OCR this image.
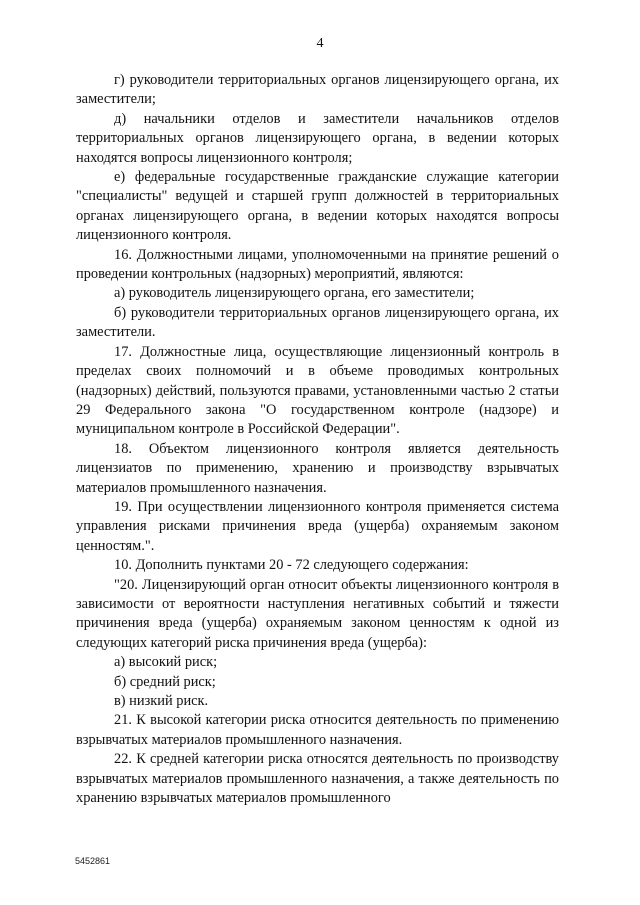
4

г) руководители территориальных органов лицензирующего органа, их заместители;

д) начальники отделов и заместители начальников отделов территориальных органов лицензирующего органа, в ведении которых находятся вопросы лицензионного контроля;

е) федеральные государственные гражданские служащие категории "специалисты" ведущей и старшей групп должностей в территориальных органах лицензирующего органа, в ведении которых находятся вопросы лицензионного контроля.

16. Должностными лицами, уполномоченными на принятие решений о проведении контрольных (надзорных) мероприятий, являются:

а) руководитель лицензирующего органа, его заместители;

б) руководители территориальных органов лицензирующего органа, их заместители.

17. Должностные лица, осуществляющие лицензионный контроль в пределах своих полномочий и в объеме проводимых контрольных (надзорных) действий, пользуются правами, установленными частью 2 статьи 29 Федерального закона "О государственном контроле (надзоре) и муниципальном контроле в Российской Федерации".

18. Объектом лицензионного контроля является деятельность лицензиатов по применению, хранению и производству взрывчатых материалов промышленного назначения.

19. При осуществлении лицензионного контроля применяется система управления рисками причинения вреда (ущерба) охраняемым законом ценностям.".

10. Дополнить пунктами 20 - 72 следующего содержания:

"20. Лицензирующий орган относит объекты лицензионного контроля в зависимости от вероятности наступления негативных событий и тяжести причинения вреда (ущерба) охраняемым законом ценностям к одной из следующих категорий риска причинения вреда (ущерба):

а) высокий риск;

б) средний риск;

в) низкий риск.

21. К высокой категории риска относится деятельность по применению взрывчатых материалов промышленного назначения.

22. К средней категории риска относятся деятельность по производству взрывчатых материалов промышленного назначения, а также деятельность по хранению взрывчатых материалов промышленного

5452861
